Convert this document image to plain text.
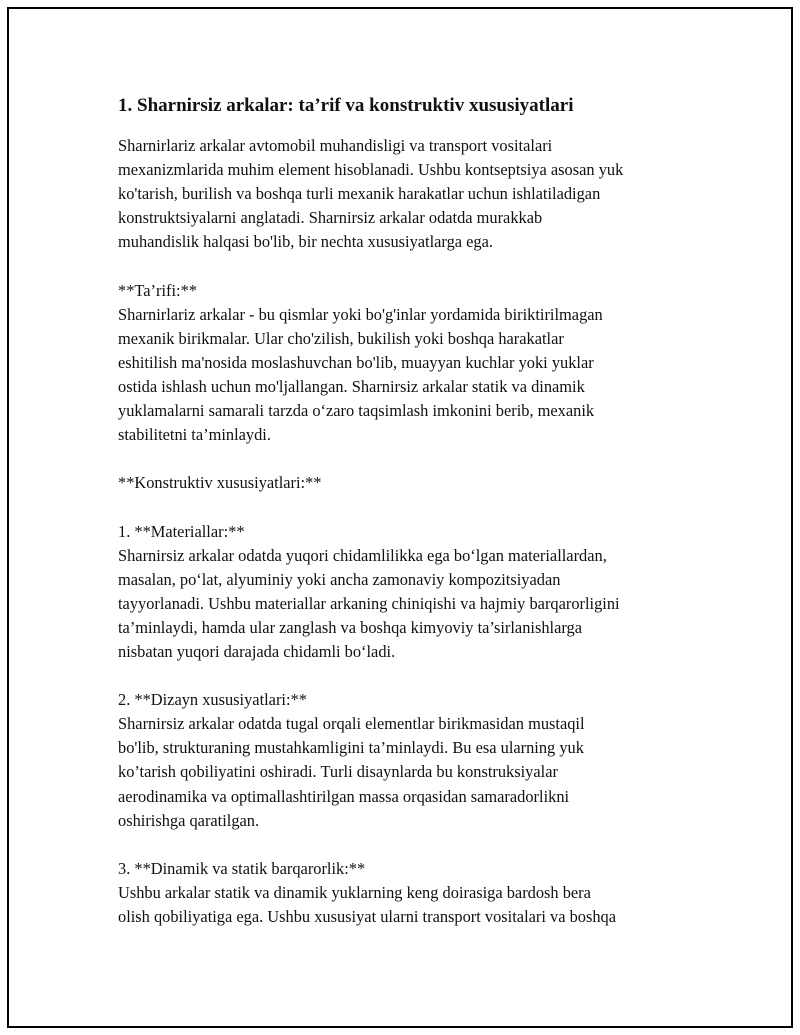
1. Sharnirsiz arkalar: ta’rif va konstruktiv xususiyatlari

Sharnirlariz arkalar avtomobil muhandisligi va transport vositalari
mexanizmlarida muhim element hisoblanadi. Ushbu kontseptsiya asosan yuk
ko'tarish, burilish va boshqa turli mexanik harakatlar uchun ishlatiladigan
konstruktsiyalarni anglatadi. Sharnirsiz arkalar odatda murakkab
muhandislik halqasi bo'lib, bir nechta xususiyatlarga ega.

**Ta’rifi:**

Sharnirlariz arkalar - bu qismlar yoki bo'g'inlar yordamida biriktirilmagan
mexanik birikmalar. Ular cho'zilish, bukilish yoki boshqa harakatlar
eshitilish ma'nosida moslashuvchan bo'lib, muayyan kuchlar yoki yuklar
ostida ishlash uchun mo'ljallangan. Sharnirsiz arkalar statik va dinamik
yuklamalarni samarali tarzda o‘zaro taqsimlash imkonini berib, mexanik
stabilitetni ta’minlaydi.

**Konstruktiv xususiyatlari:**

1. **Materiallar:**

Sharnirsiz arkalar odatda yuqori chidamlilikka ega bo‘lgan materiallardan,
masalan, po‘lat, alyuminiy yoki ancha zamonaviy kompozitsiyadan
tayyorlanadi. Ushbu materiallar arkaning chiniqishi va hajmiy barqarorligini
ta’minlaydi, hamda ular zanglash va boshqa kimyoviy ta’sirlanishlarga
nisbatan yuqori darajada chidamli bo‘ladi.

2. **Dizayn xususiyatlari:**

Sharnirsiz arkalar odatda tugal orqali elementlar birikmasidan mustaqil
bo'lib, strukturaning mustahkamligini ta’minlaydi. Bu esa ularning yuk
ko’tarish qobiliyatini oshiradi. Turli disaynlarda bu konstruksiyalar
aerodinamika va optimallashtirilgan massa orqasidan samaradorlikni
oshirishga qaratilgan.

3. **Dinamik va statik barqarorlik:**

Ushbu arkalar statik va dinamik yuklarning keng doirasiga bardosh bera
olish qobiliyatiga ega. Ushbu xususiyat ularni transport vositalari va boshqa
